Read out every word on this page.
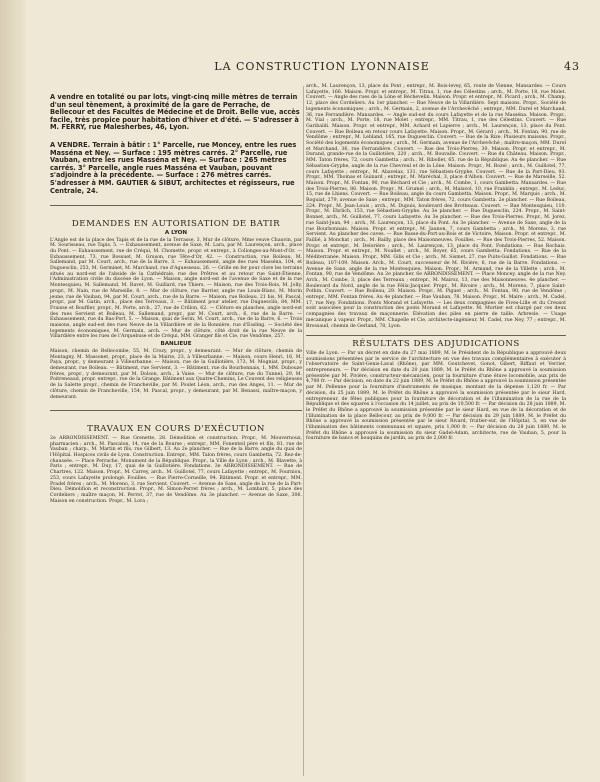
LA CONSTRUCTION LYONNAISE	43

A vendre en totalité ou par lots, vingt-cinq mille mètres de terrain d'un seul tènement, à proximité de la gare de Perrache, de Bellecour et des Facultés de Médecine et de Droit. Belle vue, accès facile, très propice pour habitation d'hiver et d'été. — S'adresser à M. FERRY, rue Malesherbes, 46, Lyon.

A VENDRE. Terrain à bâtir : 1° Parcelle, rue Moncey, entre les rues Masséna et Ney. — Surface : 195 mètres carrés. 2° Parcelle, rue Vauban, entre les rues Masséna et Ney. — Surface : 265 mètres carrés. 3° Parcelle, angle rues Masséna et Vauban, pouvant s'adjoindre à la précédente. — Surface : 276 mètres carrés. S'adresser à MM. GAUTIER & SIBUT, architectes et régisseurs, rue Centrale, 24.

DEMANDES EN AUTORISATION DE BATIR
A LYON

L'Angle est de la place des Tapis et de la rue de la Terrasse, 3, Mur de clôture, Mme veuve Chauvin, par M. Sourisseau, rue Tapis, 5. — Exhaussement, avenue de Saxe, M. Lara, par M. Laurençon, arch., place du Pont. — Exhaussement, rue de Créqui, M. Chomette, propr. et entrepr., à Collonges-au-Mont-d'Or. — Exhaussement, 73, rue Bossuet, M. Gruson, rue Tête-d'Or, 42. — Construction, rue Boileau, M. Sallemand, par M. Court, arch., rue de la Barre, 3. — Exhaussement, angle des rues Masséna, 104, et Duguesclin, 253, M. Germinet, M. Marchand, rue d'Aguesseau, 26. — Grille en fer pour clore les terrains situés au nord-est de l'abside de la Cathédrale, rue des Prêtres et au retour rue Saint-Étienne, l'Administration civile du diocèse de Lyon. — Maison, angle nord-est de l'avenue de Saxe et de la rue Montesquieu, M. Sallemand, M. Ravet, M. Guillard, rue Thiers. — Maison, rue des Trois-Rois, M. Jolly, propr., M. Nain, rue de Marseille, 8. — Mur de clôture, rue Barrier, angle rue Louis-Blanc, M. Morin jeune, rue de Vauban, 94, par M. Court, arch., rue de la Barre. — Maison, rue Boileau, 21 bis, M. Pascal, propr., par M. Gatin, arch., place des Terreaux, 3. — Bâtiment pour atelier, rue Duguesclin, 84, MM. Fraisse et Bouffier, propr., M. Porte, arch., 27, rue de Crillon, 62. — Clôture en planches, angle nord-est des rues Servient et Boileau, M. Sallemand, propr., par M. Court, arch., 6, rue de la Barre. — Exhaussement, rue du Bas-Port, 5. — Maison, quai de Serin, M. Court, arch., rue de la Barre, 6. — Trois maisons, angle sud-est des rues Neuve de la Villardière et de la Bonnière, rue d'Essling. — Société des logements économiques, M. Germain, arch. — Mur de clôture, côté droit de la rue Neuve de la Villardière entre les rues de l'Arquebuse et de Créqui, MM. Granger fils et Cie, rue Vendôme, 257.

BANLIEUE

Maison, chemin de Bellecombe, 55, M. Crozy, propr., y demeurant. — Mur de clôture, chemin de Montagny, M. Massonet, propr., place de la Mairie, 23, à Villeurbanne. — Maison, cours Henri, 16, M. Paya, propr., y demeurant à Villeurbanne. — Maison, rue de la Guillotière, 173, M. Mogniat, propr., y demeurant, rue Boileau. — Bâtiment, rue Servient, 3. — Bâtiment, rue du Bourbonnais, 1, MM. Dubouze frères, propr., y demeurant, par M. Dolson, arch., à Vaise. — Mur de clôture, rue du Tunnel, 29, M. Poitreneaud, propr. entrepr., rue de la Grange. Bâtiment aux Quatre-Chemins, Le Couvent des religieuses de la Salette propr., chemin de Francheville, par M. Poulet Léon, arch., rue des Anges, 11. — Mur de clôture, chemin de Francheville, 154, M. Pascal, propr., y demeurant, par M. Benassi, maître-maçon, y demeurant.

TRAVAUX EN COURS D'EXÉCUTION

2e ARRONDISSEMENT. — Rue Grenette, 28. Démolition et construction. Propr., M. Mouvernoux, pharmacien ; arch., M. Pascalon, 14, rue de la Bourse ; entrepr., MM. Fonenteil père et fils, 81, rue de Vauban ; charp., M. Martin et fils, rue Gilbert, 13. Au 2e plancher. — Rue de la Barre, angle du quai de l'Hôpital. Hospices civils de Lyon. Construction. Entrepr., MM. Talon frères, cours Gambetta, 72. Rez-de-chaussée. — Place Perrache. Monument de la République. Propr., la Ville de Lyon ; arch., M. Blavette, à Paris ; entrepr., M. Duy, 17, quai de la Guillotière. Fondations. 3e ARRONDISSEMENT. — Rue de Chartres, 122. Maison. Propr., M. Carrey, arch., M. Guillotel, 77, cours Lafayette ; entrepr., M. Fourniou, 253, cours Lafayette prolongé. Fouilles. — Rue Pierre-Corneille, 94. Bâtiment. Propr. et entrepr., MM. Pradel frères ; arch., M. Moreno, 3, rue Servient. Couvert. — Avenue de Saxe, angle de la rue de la Part-Dieu. Démolition et reconstruction. Propr., M. Simon-Perret frères ; arch., M. Lombard, 5, place des Cordeliers ; maître maçon, M. Perrot, 37, rue de Vendôme. Au 3e plancher. — Avenue de Saxe, 306. Maison en construction. Propr., M. Lora ;

arch., M. Laurençon, 13, place du Pont ; entrepr., M. Bois-levey, 65, route de Vienne, Mansardes. — Cours Lafayette, 166. Maison. Propr. et entrepr., M. Titrau, 1, rue des Célestins ; arch., M. Porte, 18, rue Molet. Couvert. — Angle des rues de la Lône et Béchevelin. Maison. Propr. et entrepr., M. Picard ; arch., M. Champ, 12, place des Cordeliers. Au 1er plancher. — Rue Neuve de la Villardière. Sept maisons. Propr., Société de logements économiques ; arch., M. Germain, 2, avenue de l'Archevêché ; entrepr., MM. Durel et Marchand, 36, rue Ferrandière. Mansardes. — Angle sud-est du cours Lafayette et de la rue Masséna. Maison. Propr., M. Vial ; arch., M. Porte, 18, rue Molet ; entrepr., MM. Titrau, 1, rue des Célestins. Couvert. — Rue Garibaldi. Maison. Propr. et entrepr., MM. Achard et Lapierre ; arch., M. Laurençon, 13, place du Pont. Couvert. — Rue Boileau en retour cours Lafayette. Maison. Propr., M. Gérard ; arch., M. Fontan, 90, rue de Vendôme ; entrepr., M. Lebland, 165, rue Duguesclin. Couvert. — Rue de la Rize. Plusieurs maisons. Propr., Société des logements économiques ; arch., M. Germain, avenue de l'Archevêché ; maître-maçon, MM. Durel et Marchand, 36, rue Ferrandière. Couvert. — Rue des Trois-Pierres, 30. Maison. Propr. et entrepr., M. Durand, grande-rue de la Guillotière, 220 ; arch., M. Bouvalle. Couvert. — Rue du Château. Maison. Propr., MM. Taton frères, 72, cours Gambetta ; arch., M. Ribollet, 65, rue de la République. Au 4e plancher. — Rue Sébastien-Gryphe, angle de la rue Chevreul et de la Lône. Maison. Propr., M. Rozel ; arch., M. Guillotel, 77, cours Lafayette ; entrepr., M. Abavelaz, 131, rue Sébastien-Gryphe. Couvert. — Rue de la Part-Dieu, 93. Propr., MM. Thomas et Guinard ; entrepr., M. Maréchal, 3, place d'Albon. Couvert. — Rue de Marseille, 52. Maison. Propr., M. Fontan, 90, rue Béchard et Cie ; arch., M. Combe, 1, cours Gambetta. Mansardes. — Rue des Trois-Pierres, 86. Maison. Propr., M. Grumel ; arch., M. Malavol, 10, rue Franklin ; entrepr., M. Leduc, 15, rue de Lhiens. Couvert. — Rue Boileau, angle du cours Gambetta. Maison. Propr., M. Marquis ; arch., M. Roguiat, 279, avenue de Saxe ; entrepr., MM. Taton frères, 72, cours Gambetta. 2e plancher. — Rue Boileau, 224. Propr., M. Jean-Louis ; arch., M. Dupuis, boulevard des Brotteaux. Couvert. — Rue Montesquieu, 110. Propr., M. Ehrlich, 153, rue Sébastien-Gryphe. Au 3e plancher. — Rue Duguesclin, 224. Propr., M. Saint-Bonnet, arch., M. Guillotel, 77, cours Lafayette. Au 3e plancher. — Rue des Trois-Pierres. Propr., M. Jorez, rue Saint-Jean, 94 ; arch., M. Laurençon, 13, place du Pont. Au 3e plancher. — Avenue de Saxe, angle de la rue Bourbonnais. Maison. Propr. et entrepr., M. Jaunon, 7, cours Gambetta ; arch., M. Moreno, 3, rue Servient. Au plancher des caves. — Rue Basse-du-Port-au-Bois et de Victoire, Maison. Propr. et entrepr., M. Faillié, à Monchat ; arch., M. Bailly, place des Maisonneuves. Fouilles. — Rue des Trois-Pierres, 52. Maison. Propr. et entrepr., M. Delorière ; arch., M. Laurençon, 13, place du Pont. Fondations. — Rue Rochais. Maison. Propr. et entrepr., M. Noallet ; arch., M. Boyer, 65, cours Gambetta. Fondations. — Rue de la Méditerranée. Maison. Propr., MM. Gilis et Cie ; arch., M. Sismet, 27, rue Puits-Gaillot. Fondations. — Rue Boileau, 107-109. Maison. Arch., M. Court, successeur de M. Rivière, 6, rue de la Barre. Fondations. — Avenue de Saxe, angle de la rue Montesquieu. Maison. Propr., M. Armand, rue de la Villette ; arch., M. Fontan, 90, rue de Vendôme. Au 2e plancher. 6e ARRONDISSEMENT. — Place Moncey, angle de la rue Ney. Arch., M. Combe, 3, place des Terreaux ; entrepr., M. Mairoz, 13, rue des Maisonneuves. 4e plancher. — Boulevard du Nord, angle de la rue Félix-Jacquier. Propr., M. Rivoire ; arch., M. Moreno, 7, place Saint-Pothin. Couvert. — Rue Boileau, 29. Maison. Propr., M. Piguet ; arch., M. Fontan, 90, rue de Vendôme ; entrepr., MM. Fontan frères. Au 4e plancher. — Rue Vauban, 78. Maison. Propr., M. Maire ; arch., M. Cadel, 17, rue Ney. Fondations. Ponts Morand et Lafayette. — Les deux compagnies de Fives-Lille et du Creusot sont associées pour la construction des ponts Morand et Lafayette. M. Mortier est chargé par ces deux compagnies des travaux de maçonnerie. Élévation des piles en pierre de taille. Arbresle. — Usage mécanique à vapeur. Propr., MM. Chapelle et Cie, architecte-ingénieur, M. Cadel, rue Ney, 77 ; entrepr., M. Brossaud, chemin de Gerland, 78, Lyon.

RÉSULTATS DES ADJUDICATIONS

Ville de Lyon. — Par un décret en date du 27 mai 1889, M. le Président de la République a approuvé deux soumissions présentées par le service de l'architecture en vue des travaux complémentaires à exécuter à l'observatoire de Saint-Genis-Laval (Rhône), par MM. Goutchevet, Gonot, Gibert, Riffaut et Verrier, entrepreneurs. — Par décision en date du 20 juin 1889, M. le Préfet du Rhône a approuvé la soumission présentée par M. Pivière, constructeur-mécanicien, pour la fourniture d'une étuve locomobile, aux prix de 4,700 fr. — Par décision, en date du 22 juin 1889, M. le Préfet du Rhône a approuvé la soumission présentée par M. Pellenne pour la fourniture d'instruments de musique, montant de la dépense 1,120 fr. — Par décision, du 25 juin 1889, M. le Préfet du Rhône a approuvé la soumission présentée par le sieur Hard, entrepreneur, de fêtes publiques pour la fourniture de décoration et de l'illumination de la rue de la République et des squares à l'occasion du 14 juillet, au prix de 10,500 fr. — Par décision du 28 juin 1889, M. le Préfet du Rhône a approuvé la soumission présentée par le sieur Hard, en vue de la décoration et de l'illumination de la place Bellecour, au prix de 9,000 fr. — Par décision du 29 juin 1889, M. le Préfet du Rhône a approuvé la soumission présentée par le sieur Rivard, fruitier-sur, de l'Hôpital, 5, en vue de l'illumination des bâtiments communaux et square, prix 1,900 fr. — Par décision du 28 juin 1889, M. le Préfet du Rhône a approuvé la soumission du sieur Gadel-Adam, architecte, rue de Vauban, 5, pour la fourniture de bancs et bouquins de jardin, au prix de 2,000 fr.
